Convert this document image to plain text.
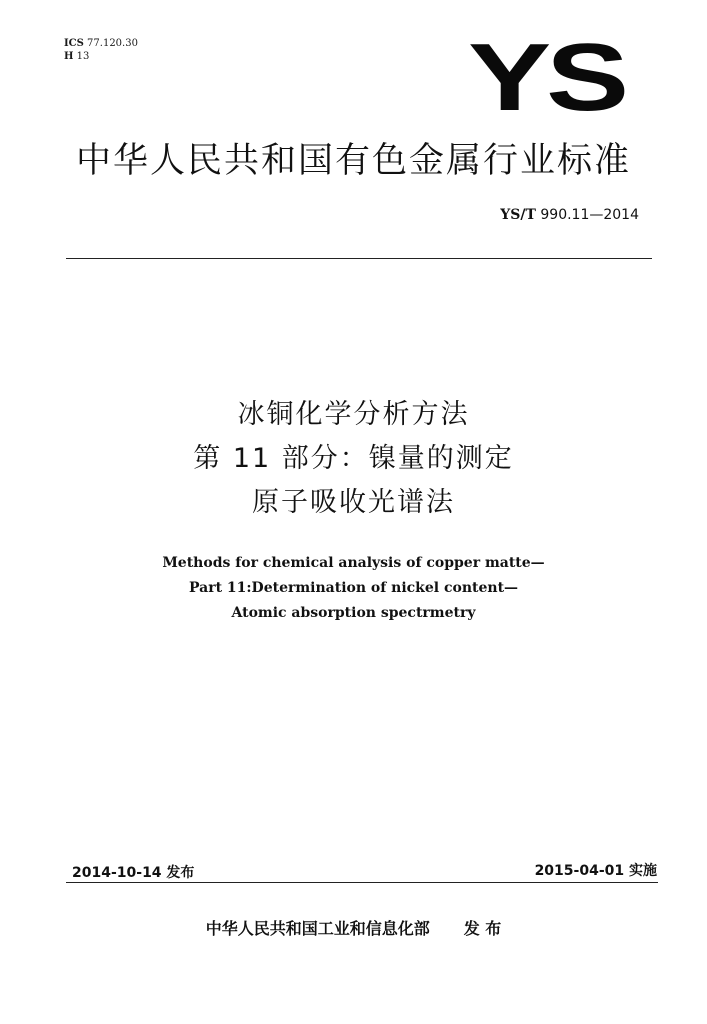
ICS 77.120.30
H 13	YS
中华人民共和国有色金属行业标准
YS/T 990.11—2014
冰铜化学分析方法
第 11 部分：镍量的测定
原子吸收光谱法
Methods for chemical analysis of copper matte—
Part 11:Determination of nickel content—
Atomic absorption spectrmetry
2014-10-14 发布	2015-04-01 实施
中华人民共和国工业和信息化部 发 布
